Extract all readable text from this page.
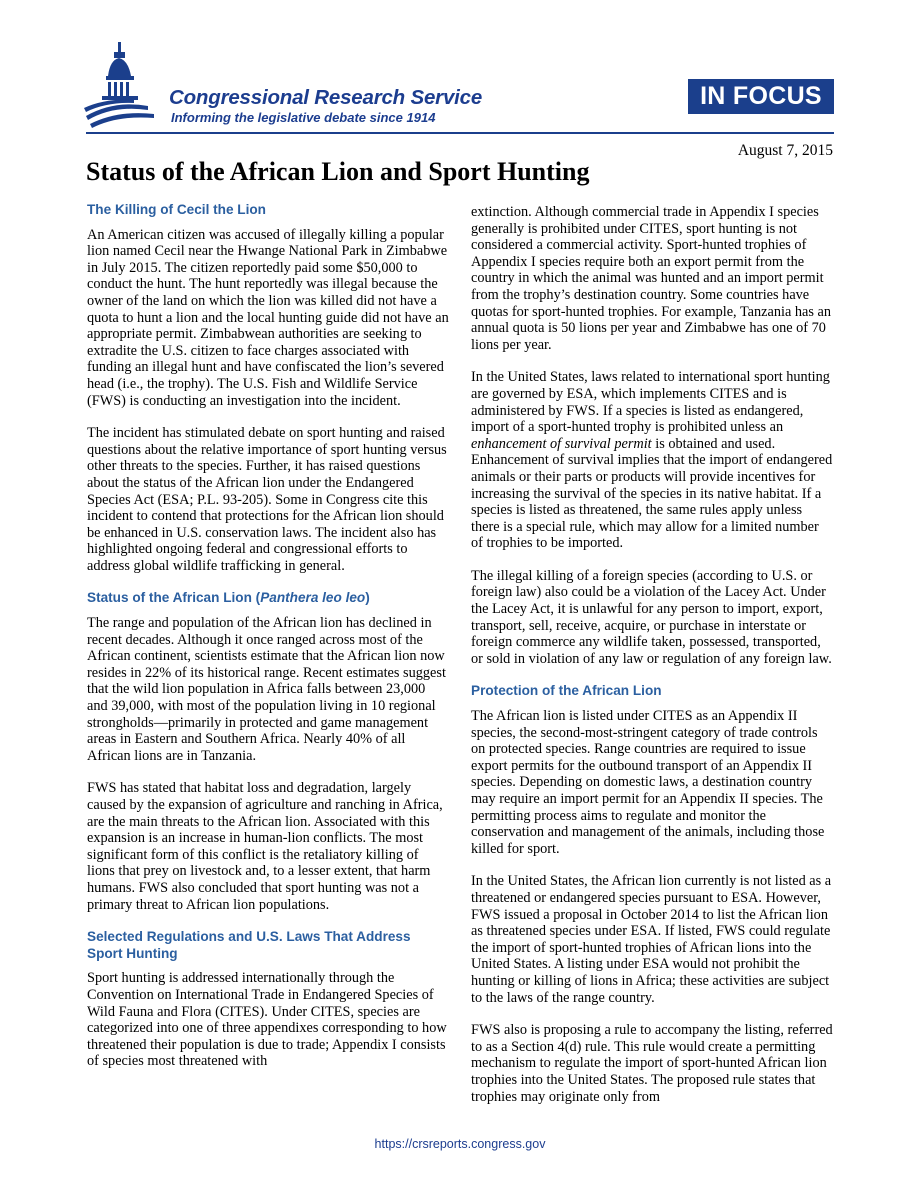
Congressional Research Service
Informing the legislative debate since 1914
IN FOCUS
August 7, 2015
Status of the African Lion and Sport Hunting
The Killing of Cecil the Lion

An American citizen was accused of illegally killing a popular lion named Cecil near the Hwange National Park in Zimbabwe in July 2015. The citizen reportedly paid some $50,000 to conduct the hunt. The hunt reportedly was illegal because the owner of the land on which the lion was killed did not have a quota to hunt a lion and the local hunting guide did not have an appropriate permit. Zimbabwean authorities are seeking to extradite the U.S. citizen to face charges associated with funding an illegal hunt and have confiscated the lion’s severed head (i.e., the trophy). The U.S. Fish and Wildlife Service (FWS) is conducting an investigation into the incident.

The incident has stimulated debate on sport hunting and raised questions about the relative importance of sport hunting versus other threats to the species. Further, it has raised questions about the status of the African lion under the Endangered Species Act (ESA; P.L. 93-205). Some in Congress cite this incident to contend that protections for the African lion should be enhanced in U.S. conservation laws. The incident also has highlighted ongoing federal and congressional efforts to address global wildlife trafficking in general.

Status of the African Lion (Panthera leo leo)

The range and population of the African lion has declined in recent decades. Although it once ranged across most of the African continent, scientists estimate that the African lion now resides in 22% of its historical range. Recent estimates suggest that the wild lion population in Africa falls between 23,000 and 39,000, with most of the population living in 10 regional strongholds—primarily in protected and game management areas in Eastern and Southern Africa. Nearly 40% of all African lions are in Tanzania.

FWS has stated that habitat loss and degradation, largely caused by the expansion of agriculture and ranching in Africa, are the main threats to the African lion. Associated with this expansion is an increase in human-lion conflicts. The most significant form of this conflict is the retaliatory killing of lions that prey on livestock and, to a lesser extent, that harm humans. FWS also concluded that sport hunting was not a primary threat to African lion populations.

Selected Regulations and U.S. Laws That Address Sport Hunting

Sport hunting is addressed internationally through the Convention on International Trade in Endangered Species of Wild Fauna and Flora (CITES). Under CITES, species are categorized into one of three appendixes corresponding to how threatened their population is due to trade; Appendix I consists of species most threatened with

extinction. Although commercial trade in Appendix I species generally is prohibited under CITES, sport hunting is not considered a commercial activity. Sport-hunted trophies of Appendix I species require both an export permit from the country in which the animal was hunted and an import permit from the trophy’s destination country. Some countries have quotas for sport-hunted trophies. For example, Tanzania has an annual quota is 50 lions per year and Zimbabwe has one of 70 lions per year.

In the United States, laws related to international sport hunting are governed by ESA, which implements CITES and is administered by FWS. If a species is listed as endangered, import of a sport-hunted trophy is prohibited unless an enhancement of survival permit is obtained and used. Enhancement of survival implies that the import of endangered animals or their parts or products will provide incentives for increasing the survival of the species in its native habitat. If a species is listed as threatened, the same rules apply unless there is a special rule, which may allow for a limited number of trophies to be imported.

The illegal killing of a foreign species (according to U.S. or foreign law) also could be a violation of the Lacey Act. Under the Lacey Act, it is unlawful for any person to import, export, transport, sell, receive, acquire, or purchase in interstate or foreign commerce any wildlife taken, possessed, transported, or sold in violation of any law or regulation of any foreign law.

Protection of the African Lion

The African lion is listed under CITES as an Appendix II species, the second-most-stringent category of trade controls on protected species. Range countries are required to issue export permits for the outbound transport of an Appendix II species. Depending on domestic laws, a destination country may require an import permit for an Appendix II species. The permitting process aims to regulate and monitor the conservation and management of the animals, including those killed for sport.

In the United States, the African lion currently is not listed as a threatened or endangered species pursuant to ESA. However, FWS issued a proposal in October 2014 to list the African lion as threatened species under ESA. If listed, FWS could regulate the import of sport-hunted trophies of African lions into the United States. A listing under ESA would not prohibit the hunting or killing of lions in Africa; these activities are subject to the laws of the range country.

FWS also is proposing a rule to accompany the listing, referred to as a Section 4(d) rule. This rule would create a permitting mechanism to regulate the import of sport-hunted African lion trophies into the United States. The proposed rule states that trophies may originate only from

https://crsreports.congress.gov
